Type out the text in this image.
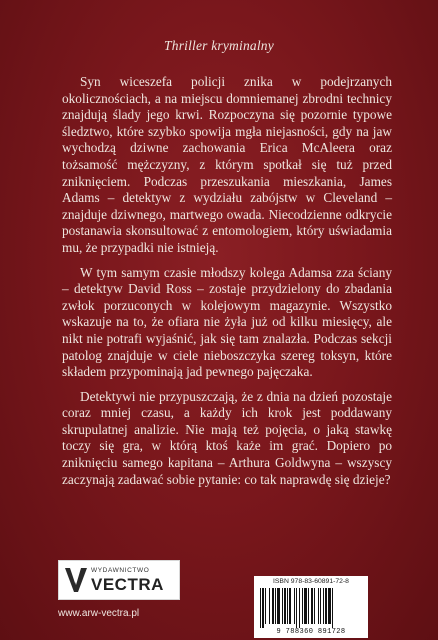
Thriller kryminalny

Syn wiceszefa policji znika w podejrzanych okolicznościach, a na miejscu domniemanej zbrodni technicy znajdują ślady jego krwi. Rozpoczyna się pozornie typowe śledztwo, które szybko spowija mgła niejasności, gdy na jaw wychodzą dziwne zachowania Erica McAleera oraz tożsamość mężczyzny, z którym spotkał się tuż przed zniknięciem. Podczas przeszukania mieszkania, James Adams – detektyw z wydziału zabójstw w Cleveland – znajduje dziwnego, martwego owada. Niecodzienne odkrycie postanawia skonsultować z entomologiem, który uświadamia mu, że przypadki nie istnieją.

W tym samym czasie młodszy kolega Adamsa zza ściany – detektyw David Ross – zostaje przydzielony do zbadania zwłok porzuconych w kolejowym magazynie. Wszystko wskazuje na to, że ofiara nie żyła już od kilku miesięcy, ale nikt nie potrafi wyjaśnić, jak się tam znalazła. Podczas sekcji patolog znajduje w ciele nieboszczyka szereg toksyn, które składem przypominają jad pewnego pajęczaka.

Detektywi nie przypuszczają, że z dnia na dzień pozostaje coraz mniej czasu, a każdy ich krok jest poddawany skrupulatnej analizie. Nie mają też pojęcia, o jaką stawkę toczy się gra, w którą ktoś każe im grać. Dopiero po zniknięciu samego kapitana – Arthura Goldwyna – wszyscy zaczynają zadawać sobie pytanie: co tak naprawdę się dzieje?

WYDAWNICTWO
VECTRA
www.arw-vectra.pl
ISBN 978-83-60891-72-8
9 788360 891728
